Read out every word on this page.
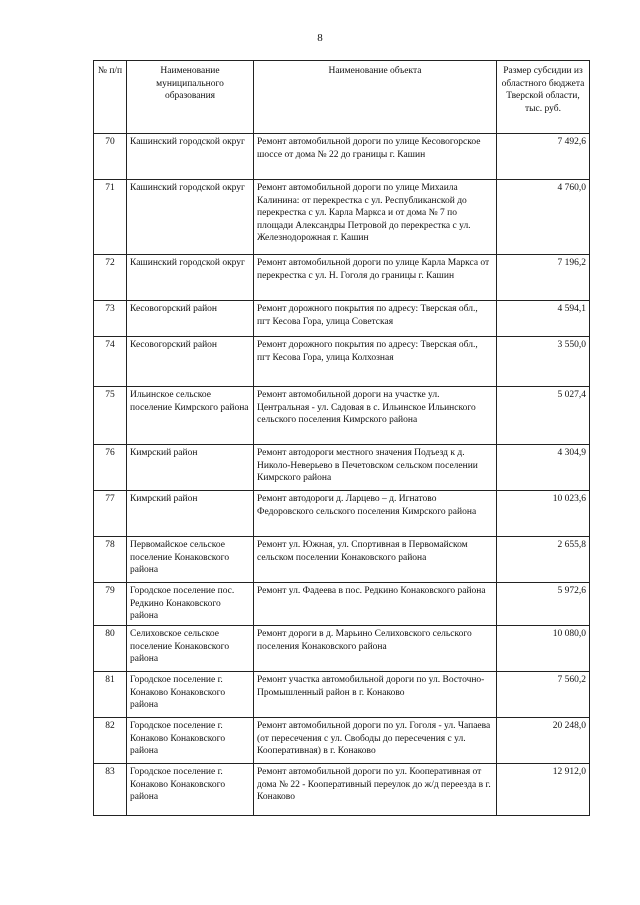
8
№ п/п	Наименование муниципального образования	Наименование объекта	Размер субсидии из областного бюджета Тверской области, тыс. руб.
70	Кашинский городской округ	Ремонт автомобильной дороги по улице Кесовогорское шоссе от дома № 22 до границы г. Кашин	7 492,6
71	Кашинский городской округ	Ремонт автомобильной дороги по улице Михаила Калинина: от перекрестка с ул. Республиканской до перекрестка с ул. Карла Маркса и от дома № 7 по площади Александры Петровой до перекрестка с ул. Железнодорожная г. Кашин	4 760,0
72	Кашинский городской округ	Ремонт автомобильной дороги по улице Карла Маркса от перекрестка с ул. Н. Гоголя до границы г. Кашин	7 196,2
73	Кесовогорский район	Ремонт дорожного покрытия по адресу: Тверская обл., пгт Кесова Гора, улица Советская	4 594,1
74	Кесовогорский район	Ремонт дорожного покрытия по адресу: Тверская обл., пгт Кесова Гора, улица Колхозная	3 550,0
75	Ильинское сельское поселение Кимрского района	Ремонт автомобильной дороги на участке ул. Центральная - ул. Садовая в с. Ильинское Ильинского сельского поселения Кимрского района	5 027,4
76	Кимрский район	Ремонт автодороги местного значения Подъезд к д. Николо-Неверьево в Печетовском сельском поселении Кимрского района	4 304,9
77	Кимрский район	Ремонт автодороги д. Ларцево – д. Игнатово Федоровского сельского поселения Кимрского района	10 023,6
78	Первомайское сельское поселение Конаковского района	Ремонт ул. Южная, ул. Спортивная в Первомайском сельском поселении Конаковского района	2 655,8
79	Городское поселение пос. Редкино Конаковского района	Ремонт ул. Фадеева в пос. Редкино Конаковского района	5 972,6
80	Селиховское сельское поселение Конаковского района	Ремонт дороги в д. Марьино Селиховского сельского поселения Конаковского района	10 080,0
81	Городское поселение г. Конаково Конаковского района	Ремонт участка автомобильной дороги по ул. Восточно-Промышленный район в г. Конаково	7 560,2
82	Городское поселение г. Конаково Конаковского района	Ремонт автомобильной дороги по ул. Гоголя - ул. Чапаева (от пересечения с ул. Свободы до пересечения с ул. Кооперативная) в г. Конаково	20 248,0
83	Городское поселение г. Конаково Конаковского района	Ремонт автомобильной дороги по ул. Кооперативная от дома № 22 - Кооперативный переулок до ж/д переезда в г. Конаково	12 912,0
